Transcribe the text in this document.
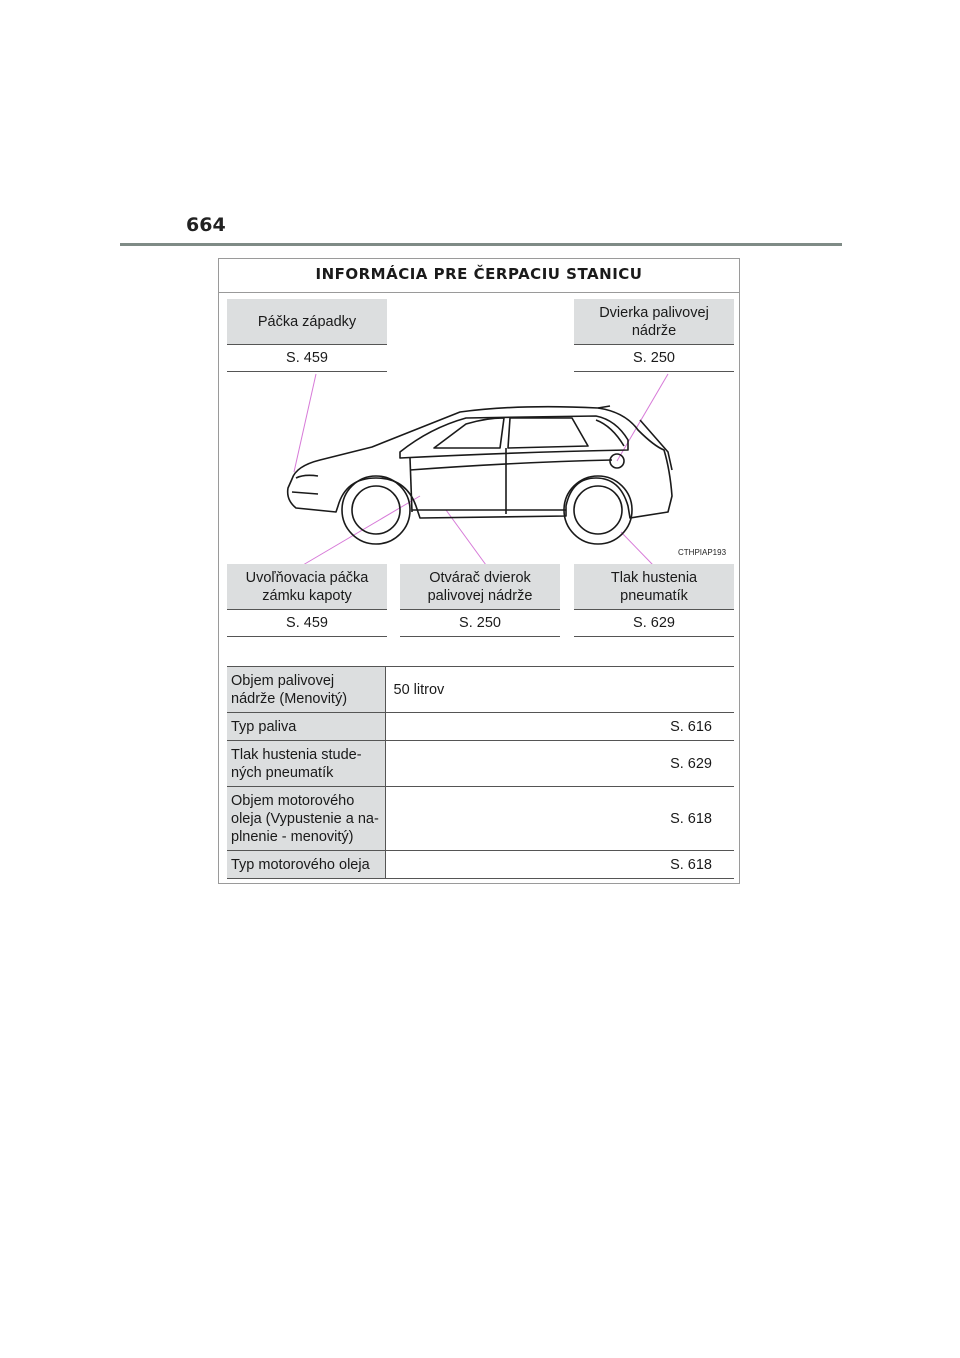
664
INFORMÁCIA PRE ČERPACIU STANICU
CTHPIAP193
Páčka západky
S. 459
Dvierka palivovej nádrže
S. 250
Uvoľňovacia páčka zámku kapoty
S. 459
Otvárač dvierok palivovej nádrže
S. 250
Tlak hustenia pneumatík
S. 629
Objem palivovej nádrže (Menovitý)	50 litrov
Typ paliva	S. 616
Tlak hustenia stude- ných pneumatík	S. 629
Objem motorového oleja (Vypustenie a na- plnenie - menovitý)	S. 618
Typ motorového oleja	S. 618
